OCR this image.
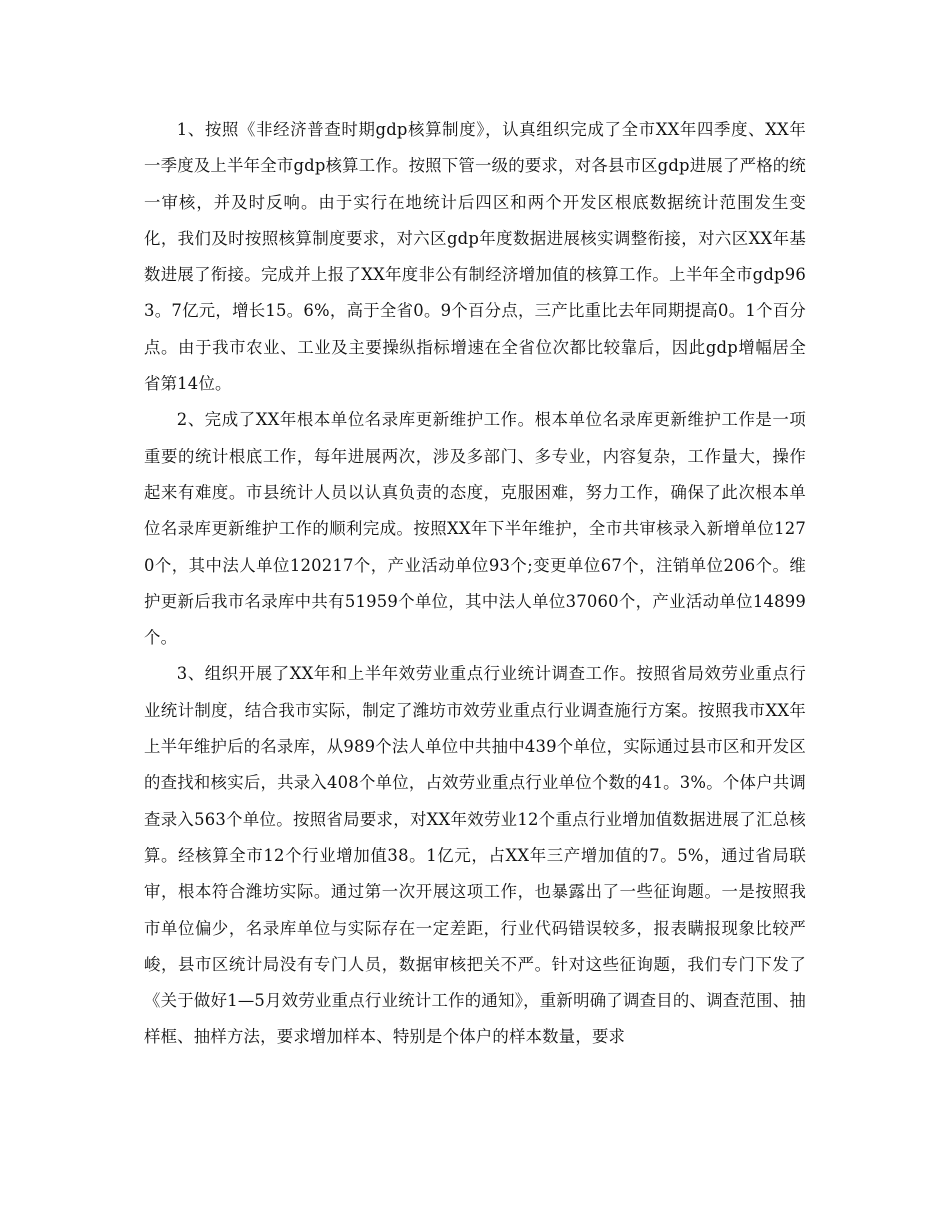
1、按照《非经济普查时期gdp核算制度》，认真组织完成了全市XX年四季度、XX年一季度及上半年全市gdp核算工作。按照下管一级的要求，对各县市区gdp进展了严格的统一审核，并及时反响。由于实行在地统计后四区和两个开发区根底数据统计范围发生变化，我们及时按照核算制度要求，对六区gdp年度数据进展核实调整衔接，对六区XX年基数进展了衔接。完成并上报了XX年度非公有制经济增加值的核算工作。上半年全市gdp963。7亿元，增长15。6%，高于全省0。9个百分点，三产比重比去年同期提高0。1个百分点。由于我市农业、工业及主要操纵指标增速在全省位次都比较靠后，因此gdp增幅居全省第14位。

2、完成了XX年根本单位名录库更新维护工作。根本单位名录库更新维护工作是一项重要的统计根底工作，每年进展两次，涉及多部门、多专业，内容复杂，工作量大，操作起来有难度。市县统计人员以认真负责的态度，克服困难，努力工作，确保了此次根本单位名录库更新维护工作的顺利完成。按照XX年下半年维护，全市共审核录入新增单位1270个，其中法人单位120217个，产业活动单位93个;变更单位67个，注销单位206个。维护更新后我市名录库中共有51959个单位，其中法人单位37060个，产业活动单位14899个。

3、组织开展了XX年和上半年效劳业重点行业统计调查工作。按照省局效劳业重点行业统计制度，结合我市实际，制定了潍坊市效劳业重点行业调查施行方案。按照我市XX年上半年维护后的名录库，从989个法人单位中共抽中439个单位，实际通过县市区和开发区的查找和核实后，共录入408个单位，占效劳业重点行业单位个数的41。3%。个体户共调查录入563个单位。按照省局要求，对XX年效劳业12个重点行业增加值数据进展了汇总核算。经核算全市12个行业增加值38。1亿元，占XX年三产增加值的7。5%，通过省局联审，根本符合潍坊实际。通过第一次开展这项工作，也暴露出了一些征询题。一是按照我市单位偏少，名录库单位与实际存在一定差距，行业代码错误较多，报表瞒报现象比较严峻，县市区统计局没有专门人员，数据审核把关不严。针对这些征询题，我们专门下发了《关于做好1—5月效劳业重点行业统计工作的通知》，重新明确了调查目的、调查范围、抽样框、抽样方法，要求增加样本、特别是个体户的样本数量，要求
